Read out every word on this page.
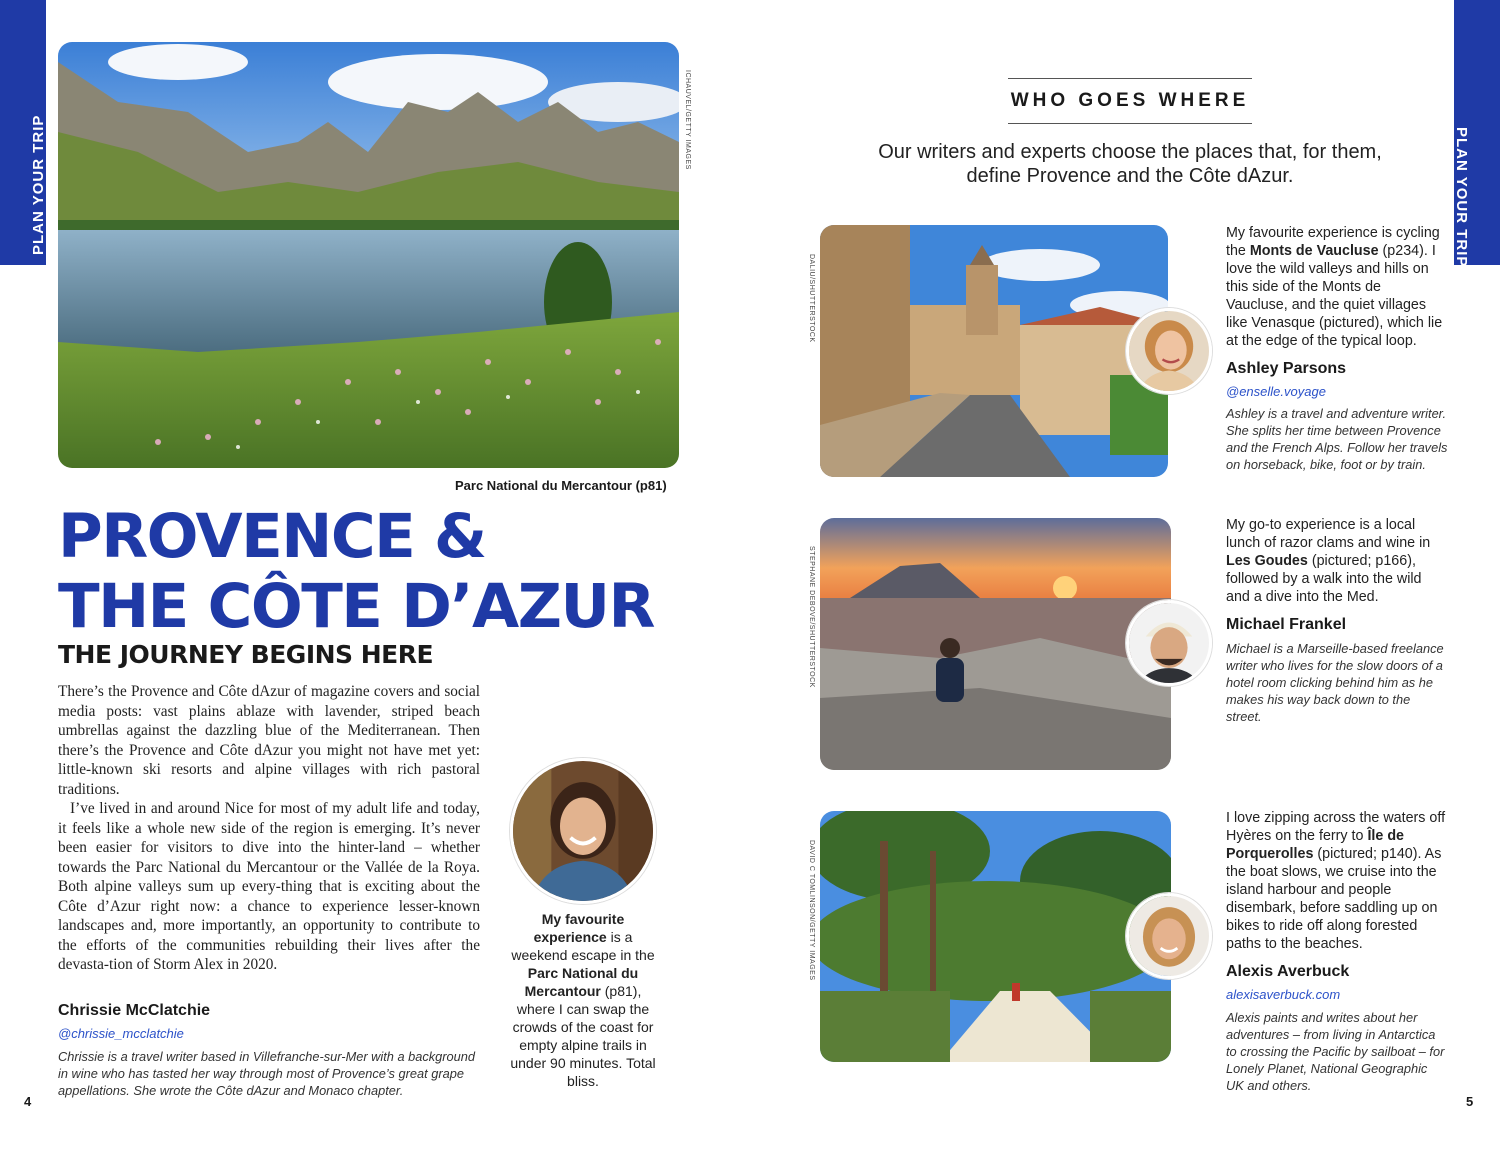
PLAN YOUR TRIP	PLAN YOUR TRIP
ICHAUVEL/GETTY IMAGES
Parc National du Mercantour (p81)
PROVENCE &
THE CÔTE D’AZUR
THE JOURNEY BEGINS HERE

There’s the Provence and Côte dAzur of magazine covers and social media posts: vast plains ablaze with lavender, striped beach umbrellas against the dazzling blue of the Mediterranean. Then there’s the Provence and Côte dAzur you might not have met yet: little-known ski resorts and alpine villages with rich pastoral traditions.

I’ve lived in and around Nice for most of my adult life and today, it feels like a whole new side of the region is emerging. It’s never been easier for visitors to dive into the hinter-land – whether towards the Parc National du Mercantour or the Vallée de la Roya. Both alpine valleys sum up every-thing that is exciting about the Côte d’Azur right now: a chance to experience lesser-known landscapes and, more importantly, an opportunity to contribute to the efforts of the communities rebuilding their lives after the devasta-tion of Storm Alex in 2020.

Chrissie McClatchie
@chrissie_mcclatchie
Chrissie is a travel writer based in Villefranche-sur-Mer with a background in wine who has tasted her way through most of Provence’s great grape appellations. She wrote the Côte dAzur and Monaco chapter.
My favourite
experience is a weekend escape in the Parc National du Mercantour (p81), where I can swap the crowds of the coast for empty alpine trails in under 90 minutes. Total bliss.
4	5
WHO GOES WHERE
Our writers and experts choose the places that, for them, define Provence and the Côte dAzur.
DALIU/SHUTTERSTOCK
My favourite experience is cycling the Monts de Vaucluse (p234). I love the wild valleys and hills on this side of the Monts de Vaucluse, and the quiet villages like Venasque (pictured), which lie at the edge of the typical loop.
Ashley Parsons
@enselle.voyage
Ashley is a travel and adventure writer. She splits her time between Provence and the French Alps. Follow her travels on horseback, bike, foot or by train.
STEPHANE DEBOVE/SHUTTERSTOCK
My go-to experience is a local lunch of razor clams and wine in Les Goudes (pictured; p166), followed by a walk into the wild and a dive into the Med.
Michael Frankel
Michael is a Marseille-based freelance writer who lives for the slow doors of a hotel room clicking behind him as he makes his way back down to the street.
DAVID C TOMLINSON/GETTY IMAGES
I love zipping across the waters off Hyères on the ferry to Île de Porquerolles (pictured; p140). As the boat slows, we cruise into the island harbour and people disembark, before saddling up on bikes to ride off along forested paths to the beaches.
Alexis Averbuck
alexisaverbuck.com
Alexis paints and writes about her adventures – from living in Antarctica to crossing the Pacific by sailboat – for Lonely Planet, National Geographic UK and others.
